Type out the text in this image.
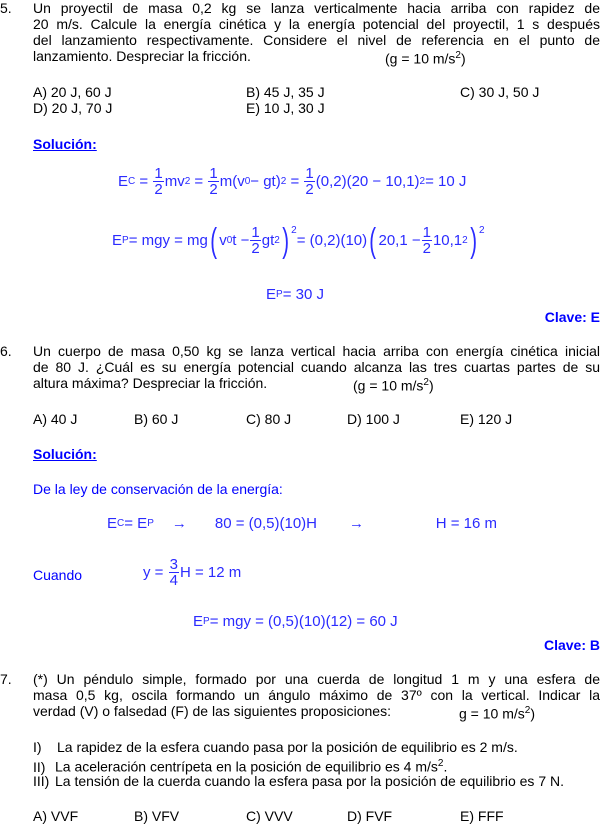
5. Un proyectil de masa 0,2 kg se lanza verticalmente hacia arriba con rapidez de
20 m/s. Calcule la energía cinética y la energía potencial del proyectil, 1 s después
del lanzamiento respectivamente. Considere el nivel de referencia en el punto de
lanzamiento. Despreciar la fricción.	(g = 10 $m/s^2$)
A) 20 J, 60 J	B) 45 J, 35 J	C) 30 J, 50 J
D) 20 J, 70 J	E) 10 J, 30 J
Solución:
E C = 1
2 mv 2 = 1
2 m(v 0 − gt) 2 = 1
2 (0,2)(20 − 10,1) 2 = 10 J
E P = mgy = mg ( v 0 $t - \frac{1}{2}$ gt 2 )$^2$
= (0,2)(10) ( $20,1 - \frac{1}{2} 10,1$ 2 )$^2$
E P = 30 J
Clave: E
6. Un cuerpo de masa 0,50 kg se lanza vertical hacia arriba con energía cinética inicial
de 80 J. ¿Cuál es su energía potencial cuando alcanza las tres cuartas partes de su
altura máxima? Despreciar la fricción.	(g = 10 $m/s^2$)
A) 40 J	B) 60 J	C) 80 J	D) 100 J	E) 120 J
Solución:
De la ley de conservación de la energía:
E C = E P → 80 = (0,5)(10)H →	H = 16 m
Cuando	y =
$\frac{3}{4}$ H = 12 m
E P = mgy = (0,5)(10)(12) = 60 J
Clave: B
7. (*) Un péndulo simple, formado por una cuerda de longitud 1 m y una esfera de
masa 0,5 kg, oscila formando un ángulo máximo de 37º con la vertical. Indicar la
verdad (V) o falsedad (F) de las siguientes proposiciones:	g = 10 $m/s^2$)
I) La rapidez de la esfera cuando pasa por la posición de equilibrio es 2 m/s.
II) La aceleración centrípeta en la posición de equilibrio es 4 $m/s^2$.
III) La tensión de la cuerda cuando la esfera pasa por la posición de equilibrio es 7 N.
A) VVF	B) VFV	C) VVV	D) FVF	E) FFF
